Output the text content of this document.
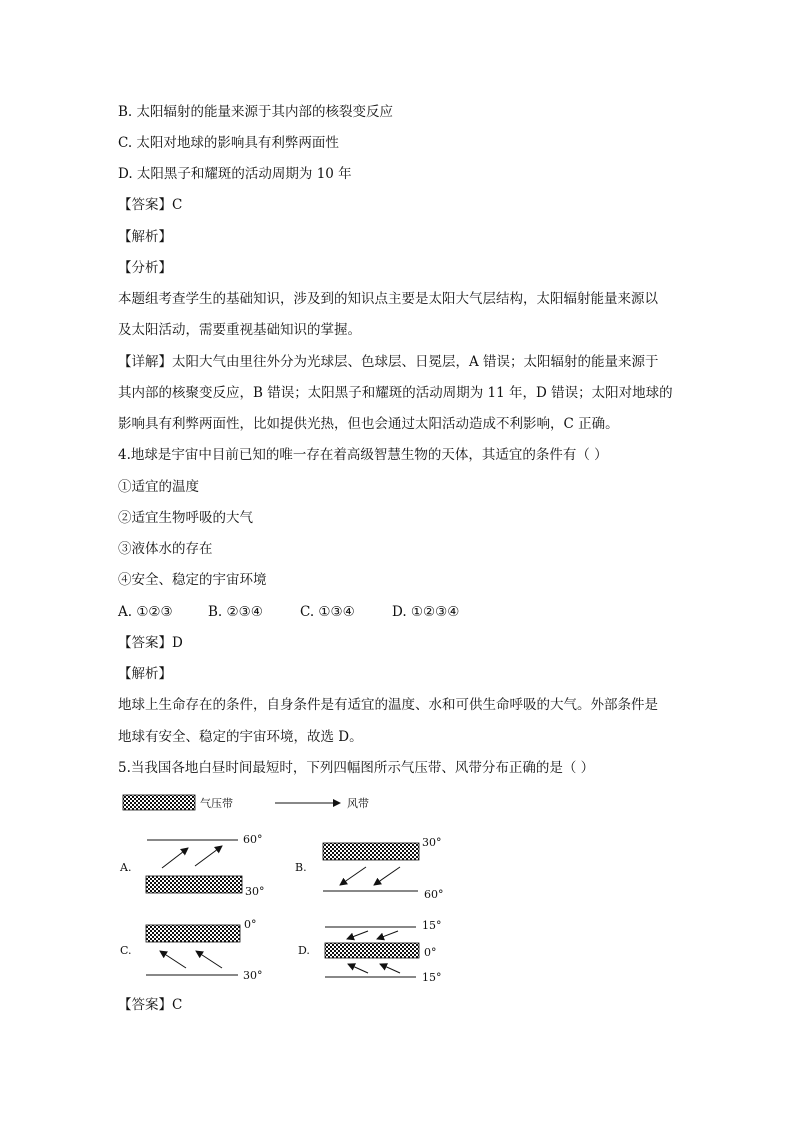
B. 太阳辐射的能量来源于其内部的核裂变反应
C. 太阳对地球的影响具有利弊两面性
D. 太阳黑子和耀斑的活动周期为 10 年
【答案】C
【解析】
【分析】
本题组考查学生的基础知识，涉及到的知识点主要是太阳大气层结构，太阳辐射能量来源以
及太阳活动，需要重视基础知识的掌握。
【详解】太阳大气由里往外分为光球层、色球层、日冕层，A 错误；太阳辐射的能量来源于
其内部的核聚变反应，B 错误；太阳黑子和耀斑的活动周期为 11 年，D 错误；太阳对地球的
影响具有利弊两面性，比如提供光热，但也会通过太阳活动造成不利影响，C 正确。
4.地球是宇宙中目前已知的唯一存在着高级智慧生物的天体，其适宜的条件有（ ）
①适宜的温度
②适宜生物呼吸的大气
③液体水的存在
④安全、稳定的宇宙环境
A. ①②③	B. ②③④	C. ①③④	D. ①②③④
【答案】D
【解析】
地球上生命存在的条件，自身条件是有适宜的温度、水和可供生命呼吸的大气。外部条件是
地球有安全、稳定的宇宙环境，故选 D。
5.当我国各地白昼时间最短时，下列四幅图所示气压带、风带分布正确的是（ ）
气压带	风带
A.
60°
30°
B.
30°
60°
C.
0°
30°
D.
15°
0°
15°
【答案】C
